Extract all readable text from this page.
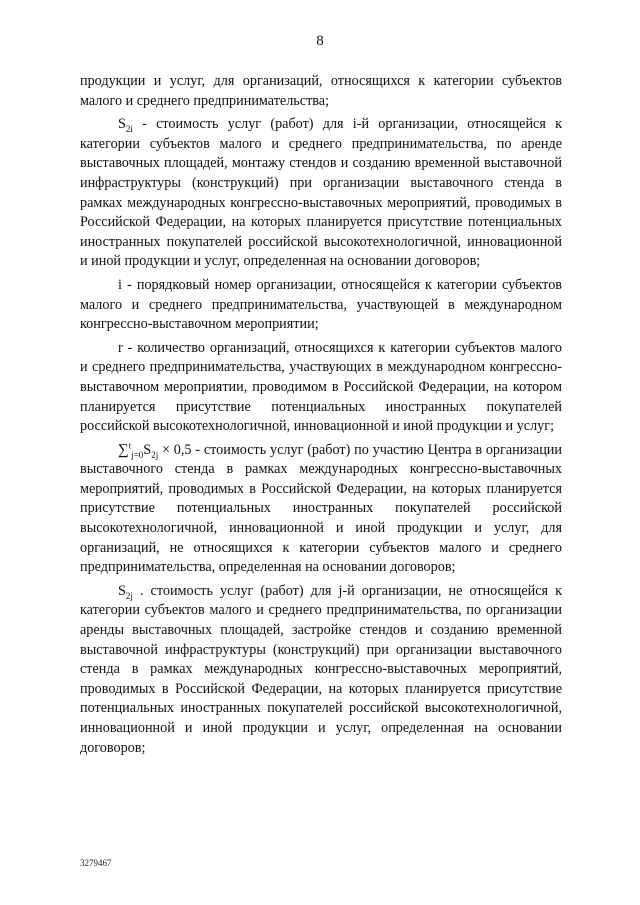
8

продукции и услуг, для организаций, относящихся к категории субъектов малого и среднего предпринимательства;

$S_{2i}$ - стоимость услуг (работ) для i-й организации, относящейся к категории субъектов малого и среднего предпринимательства, по аренде выставочных площадей, монтажу стендов и созданию временной выставочной инфраструктуры (конструкций) при организации выставочного стенда в рамках международных конгрессно-выставочных мероприятий, проводимых в Российской Федерации, на которых планируется присутствие потенциальных иностранных покупателей российской высокотехнологичной, инновационной и иной продукции и услуг, определенная на основании договоров;

i - порядковый номер организации, относящейся к категории субъектов малого и среднего предпринимательства, участвующей в международном конгрессно-выставочном мероприятии;

r - количество организаций, относящихся к категории субъектов малого и среднего предпринимательства, участвующих в международном конгрессно-выставочном мероприятии, проводимом в Российской Федерации, на котором планируется присутствие потенциальных иностранных покупателей российской высокотехнологичной, инновационной и иной продукции и услуг;

$\sum^t_{j=0}S_{2j} \times 0,5$ - стоимость услуг (работ) по участию Центра в организации выставочного стенда в рамках международных конгрессно-выставочных мероприятий, проводимых в Российской Федерации, на которых планируется присутствие потенциальных иностранных покупателей российской высокотехнологичной, инновационной и иной продукции и услуг, для организаций, не относящихся к категории субъектов малого и среднего предпринимательства, определенная на основании договоров;

$S_{2j}$ . стоимость услуг (работ) для j-й организации, не относящейся к категории субъектов малого и среднего предпринимательства, по организации аренды выставочных площадей, застройке стендов и созданию временной выставочной инфраструктуры (конструкций) при организации выставочного стенда в рамках международных конгрессно-выставочных мероприятий, проводимых в Российской Федерации, на которых планируется присутствие потенциальных иностранных покупателей российской высокотехнологичной, инновационной и иной продукции и услуг, определенная на основании договоров;

3279467
